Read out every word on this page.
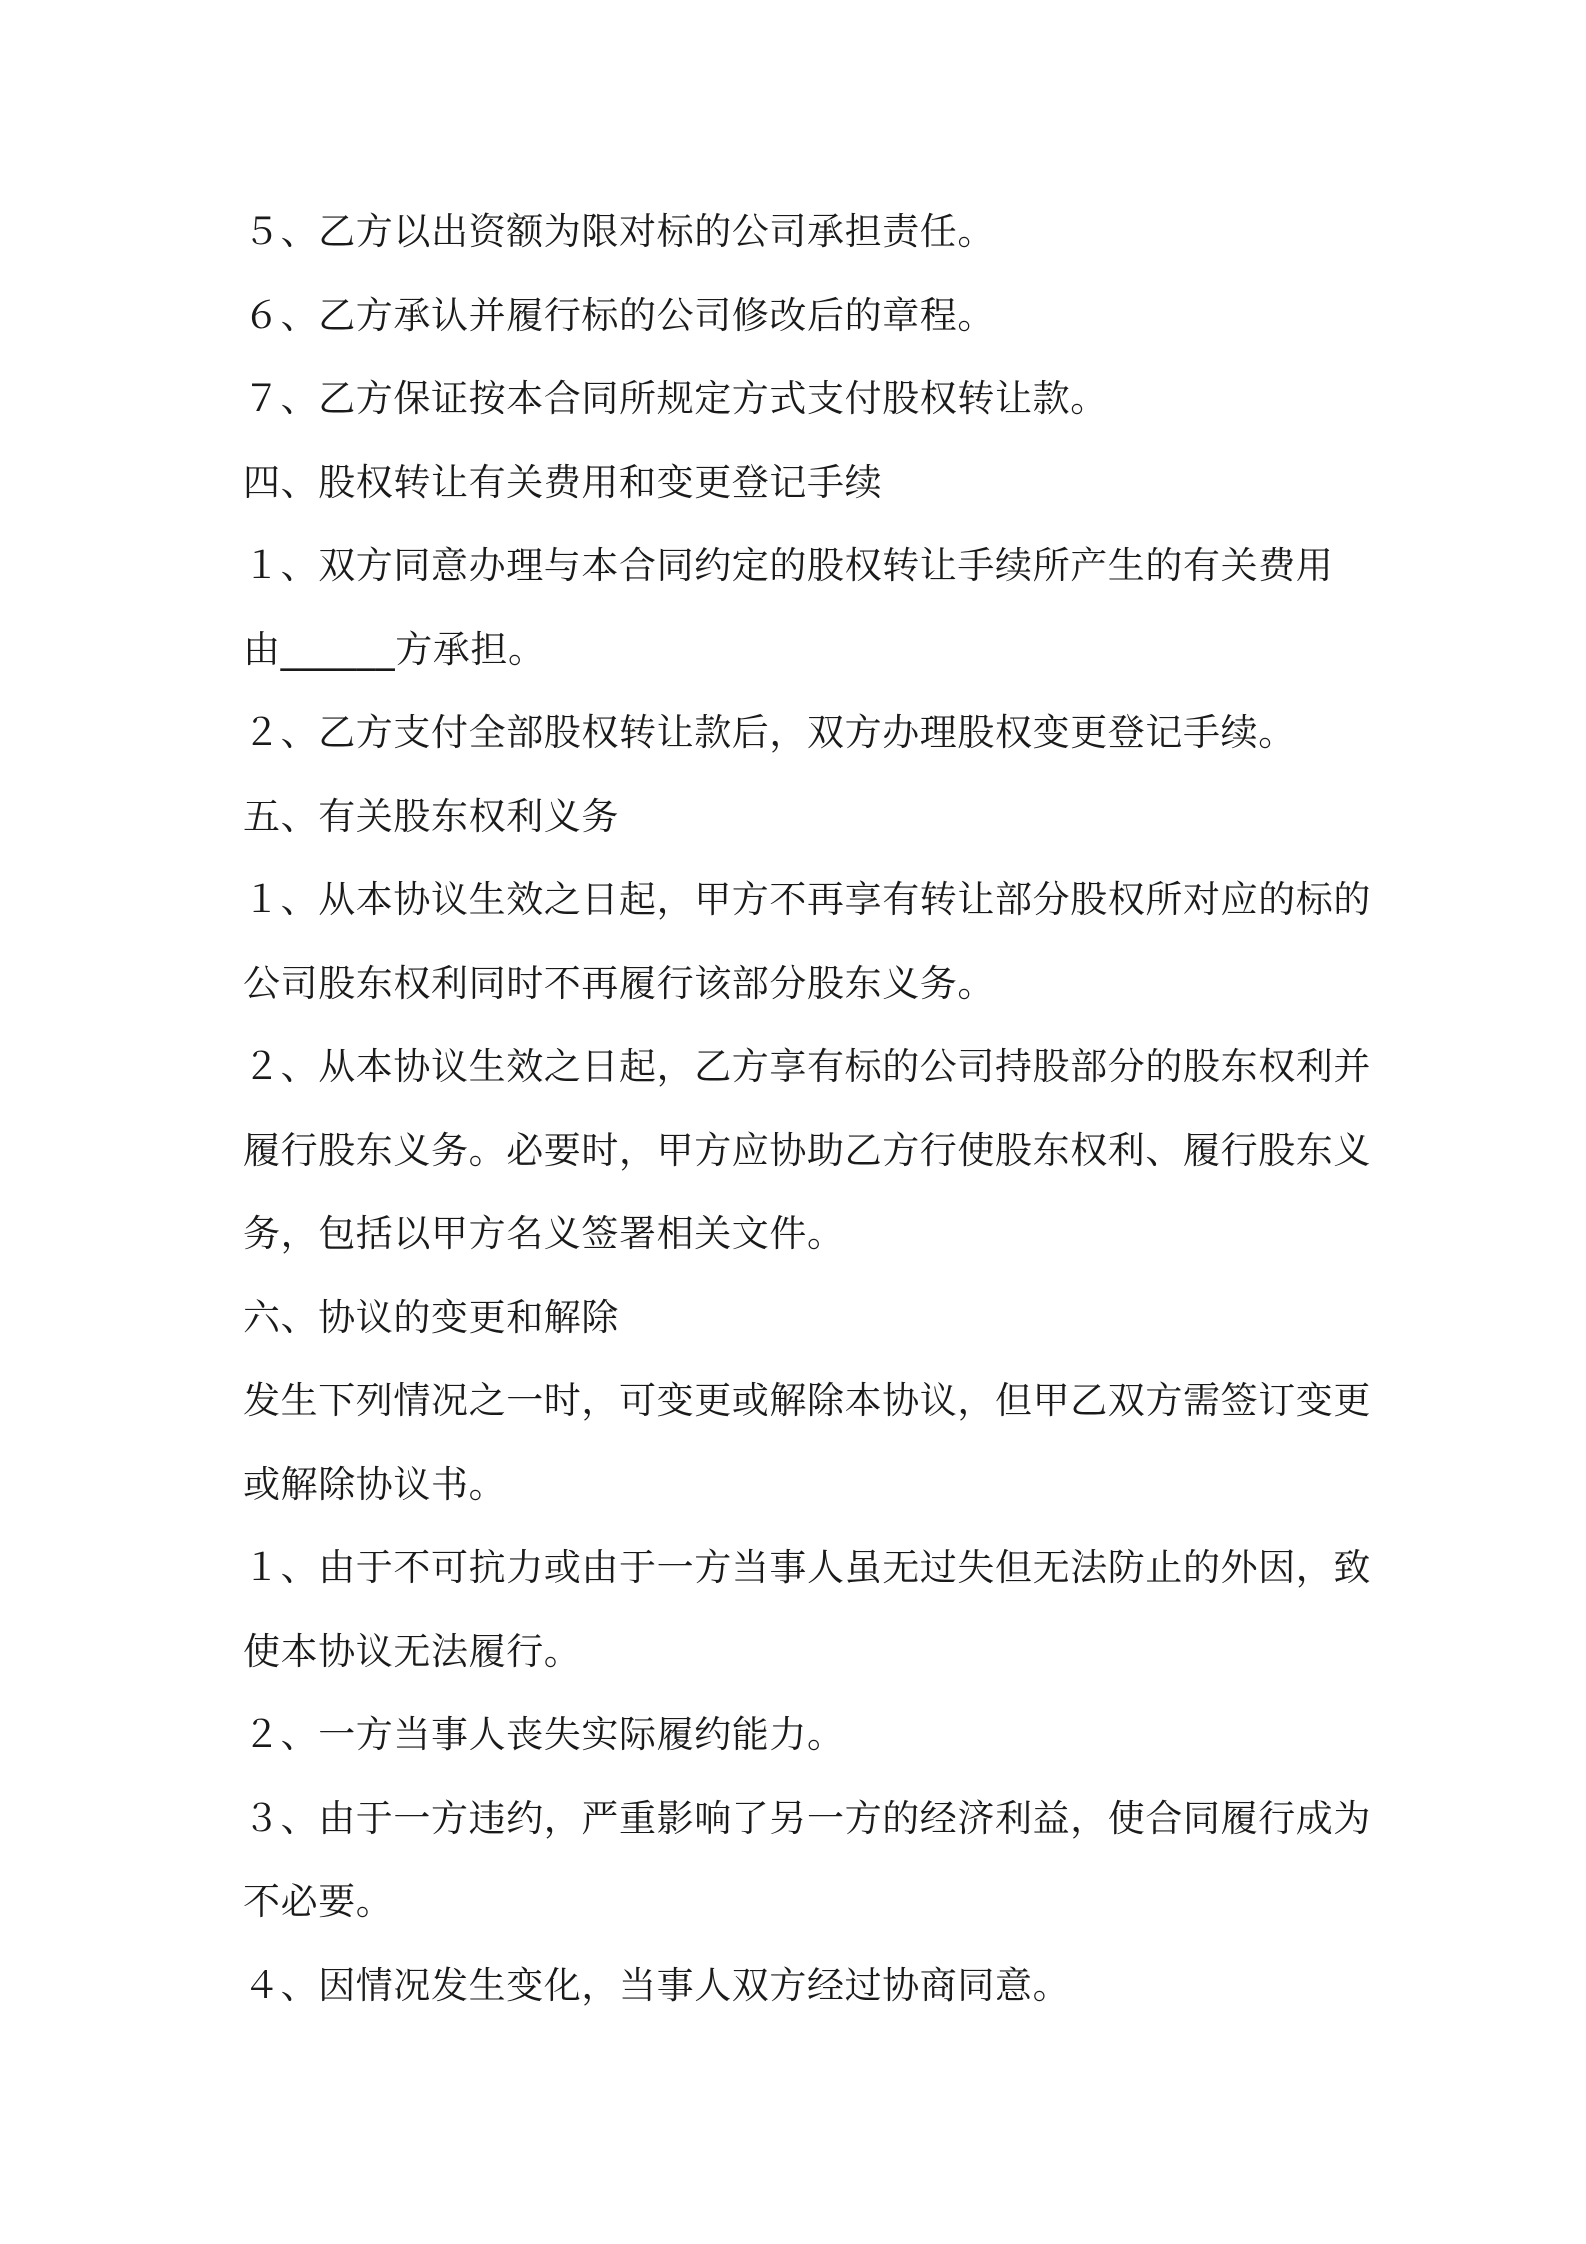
５、乙方以出资额为限对标的公司承担责任。

６、乙方承认并履行标的公司修改后的章程。

７、乙方保证按本合同所规定方式支付股权转让款。

四、股权转让有关费用和变更登记手续

１、双方同意办理与本合同约定的股权转让手续所产生的有关费用

由______方承担。

２、乙方支付全部股权转让款后，双方办理股权变更登记手续。

五、有关股东权利义务

１、从本协议生效之日起，甲方不再享有转让部分股权所对应的标的

公司股东权利同时不再履行该部分股东义务。

２、从本协议生效之日起，乙方享有标的公司持股部分的股东权利并

履行股东义务。必要时，甲方应协助乙方行使股东权利、履行股东义

务，包括以甲方名义签署相关文件。

六、协议的变更和解除

发生下列情况之一时，可变更或解除本协议，但甲乙双方需签订变更

或解除协议书。

１、由于不可抗力或由于一方当事人虽无过失但无法防止的外因，致

使本协议无法履行。

２、一方当事人丧失实际履约能力。

３、由于一方违约，严重影响了另一方的经济利益，使合同履行成为

不必要。

４、因情况发生变化，当事人双方经过协商同意。
